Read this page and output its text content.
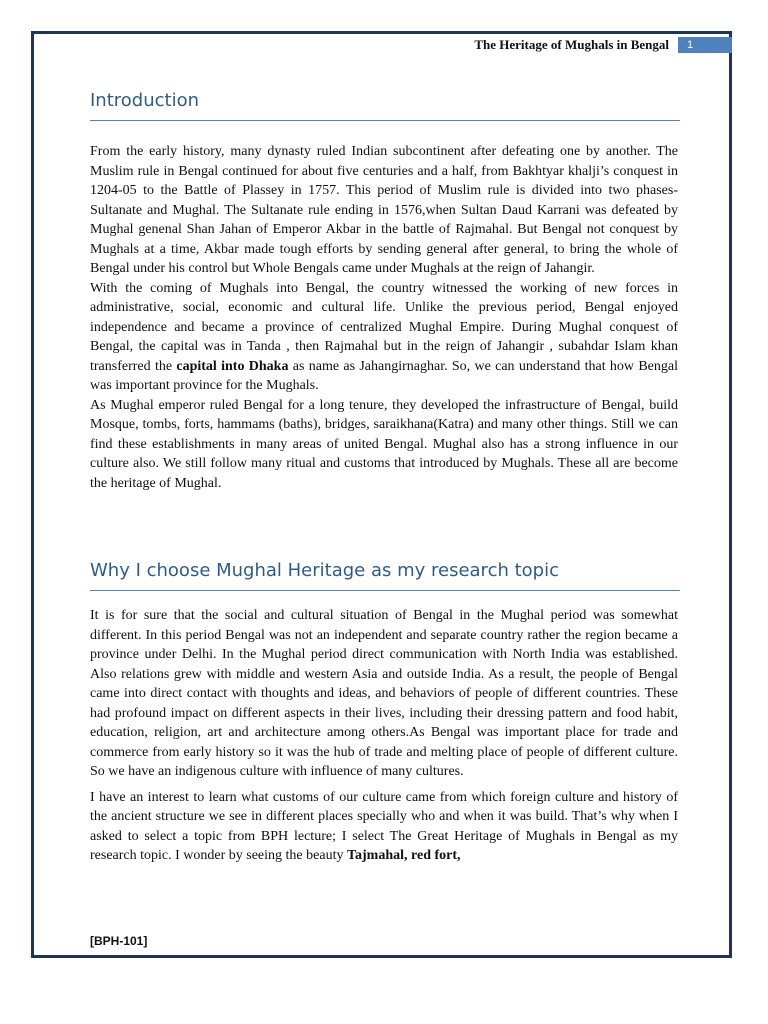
The Heritage of Mughals in Bengal	1
Introduction

From the early history, many dynasty ruled Indian subcontinent after defeating one by another. The Muslim rule in Bengal continued for about five centuries and a half, from Bakhtyar khalji’s conquest in 1204-05 to the Battle of Plassey in 1757. This period of Muslim rule is divided into two phases- Sultanate and Mughal. The Sultanate rule ending in 1576,when Sultan Daud Karrani was defeated by Mughal genenal Shan Jahan of Emperor Akbar in the battle of Rajmahal. But Bengal not conquest by Mughals at a time, Akbar made tough efforts by sending general after general, to bring the whole of Bengal under his control but Whole Bengals came under Mughals at the reign of Jahangir.

With the coming of Mughals into Bengal, the country witnessed the working of new forces in administrative, social, economic and cultural life. Unlike the previous period, Bengal enjoyed independence and became a province of centralized Mughal Empire. During Mughal conquest of Bengal, the capital was in Tanda , then Rajmahal but in the reign of Jahangir , subahdar Islam khan transferred the capital into Dhaka as name as Jahangirnaghar. So, we can understand that how Bengal was important province for the Mughals.

As Mughal emperor ruled Bengal for a long tenure, they developed the infrastructure of Bengal, build Mosque, tombs, forts, hammams (baths), bridges, saraikhana(Katra) and many other things. Still we can find these establishments in many areas of united Bengal. Mughal also has a strong influence in our culture also. We still follow many ritual and customs that introduced by Mughals. These all are become the heritage of Mughal.

Why I choose Mughal Heritage as my research topic

It is for sure that the social and cultural situation of Bengal in the Mughal period was somewhat different. In this period Bengal was not an independent and separate country rather the region became a province under Delhi. In the Mughal period direct communication with North India was established. Also relations grew with middle and western Asia and outside India. As a result, the people of Bengal came into direct contact with thoughts and ideas, and behaviors of people of different countries. These had profound impact on different aspects in their lives, including their dressing pattern and food habit, education, religion, art and architecture among others.As Bengal was important place for trade and commerce from early history so it was the hub of trade and melting place of people of different culture. So we have an indigenous culture with influence of many cultures.

I have an interest to learn what customs of our culture came from which foreign culture and history of the ancient structure we see in different places specially who and when it was build. That’s why when I asked to select a topic from BPH lecture; I select The Great Heritage of Mughals in Bengal as my research topic. I wonder by seeing the beauty Tajmahal, red fort,

[BPH-101]
